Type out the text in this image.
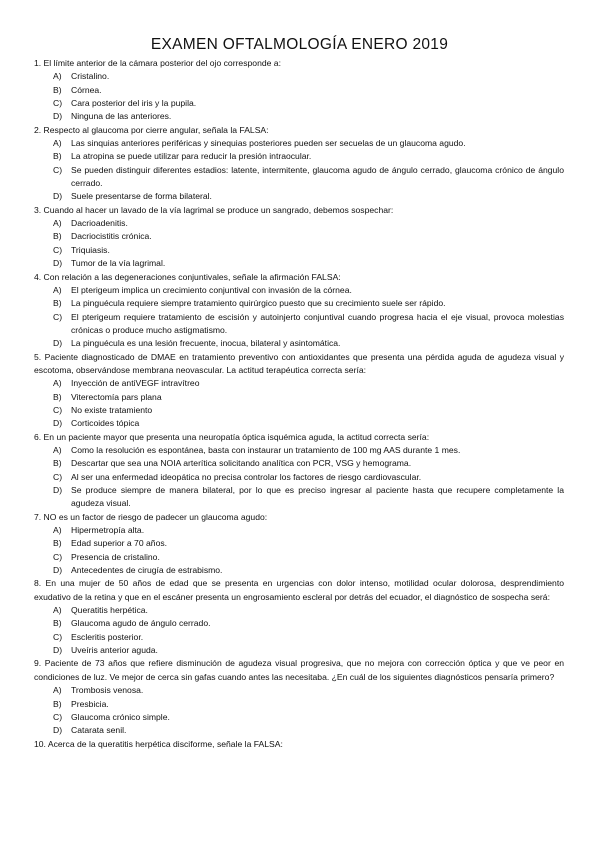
EXAMEN OFTALMOLOGÍA ENERO 2019
1. El límite anterior de la cámara posterior del ojo corresponde a:
A)	Cristalino.
B)	Córnea.
C)	Cara posterior del iris y la pupila.
D)	Ninguna de las anteriores.
2. Respecto al glaucoma por cierre angular, señala la FALSA:
A)	Las sinquias anteriores periféricas y sinequias posteriores pueden ser secuelas de un glaucoma agudo.
B)	La atropina se puede utilizar para reducir la presión intraocular.
C)	Se pueden distinguir diferentes estadios: latente, intermitente, glaucoma agudo de ángulo cerrado, glaucoma crónico de ángulo cerrado.
D)	Suele presentarse de forma bilateral.
3. Cuando al hacer un lavado de la vía lagrimal se produce un sangrado, debemos sospechar:
A)	Dacrioadenitis.
B)	Dacriocistitis crónica.
C)	Triquiasis.
D)	Tumor de la vía lagrimal.
4. Con relación a las degeneraciones conjuntivales, señale la afirmación FALSA:
A)	El pterigeum implica un crecimiento conjuntival con invasión de la córnea.
B)	La pinguécula requiere siempre tratamiento quirúrgico puesto que su crecimiento suele ser rápido.
C)	El pterigeum requiere tratamiento de escisión y autoinjerto conjuntival cuando progresa hacia el eje visual, provoca molestias crónicas o produce mucho astigmatismo.
D)	La pinguécula es una lesión frecuente, inocua, bilateral y asintomática.
5. Paciente diagnosticado de DMAE en tratamiento preventivo con antioxidantes que presenta una pérdida aguda de agudeza visual y escotoma, observándose membrana neovascular. La actitud terapéutica correcta sería:
A)	Inyección de antiVEGF intravítreo
B)	Viterectomía pars plana
C)	No existe tratamiento
D)	Corticoides tópica
6. En un paciente mayor que presenta una neuropatía óptica isquémica aguda, la actitud correcta sería:
A)	Como la resolución es espontánea, basta con instaurar un tratamiento de 100 mg AAS durante 1 mes.
B)	Descartar que sea una NOIA arterítica solicitando analítica con PCR, VSG y hemograma.
C)	Al ser una enfermedad ideopática no precisa controlar los factores de riesgo cardiovascular.
D)	Se produce siempre de manera bilateral, por lo que es preciso ingresar al paciente hasta que recupere completamente la agudeza visual.
7. NO es un factor de riesgo de padecer un glaucoma agudo:
A)	Hipermetropía alta.
B)	Edad superior a 70 años.
C)	Presencia de cristalino.
D)	Antecedentes de cirugía de estrabismo.
8. En una mujer de 50 años de edad que se presenta en urgencias con dolor intenso, motilidad ocular dolorosa, desprendimiento exudativo de la retina y que en el escáner presenta un engrosamiento escleral por detrás del ecuador, el diagnóstico de sospecha será:
A)	Queratitis herpética.
B)	Glaucoma agudo de ángulo cerrado.
C)	Escleritis posterior.
D)	Uveíris anterior aguda.
9. Paciente de 73 años que refiere disminución de agudeza visual progresiva, que no mejora con corrección óptica y que ve peor en condiciones de luz. Ve mejor de cerca sin gafas cuando antes las necesitaba. ¿En cuál de los siguientes diagnósticos pensaría primero?
A)	Trombosis venosa.
B)	Presbicia.
C)	Glaucoma crónico simple.
D)	Catarata senil.
10. Acerca de la queratitis herpética disciforme, señale la FALSA:
